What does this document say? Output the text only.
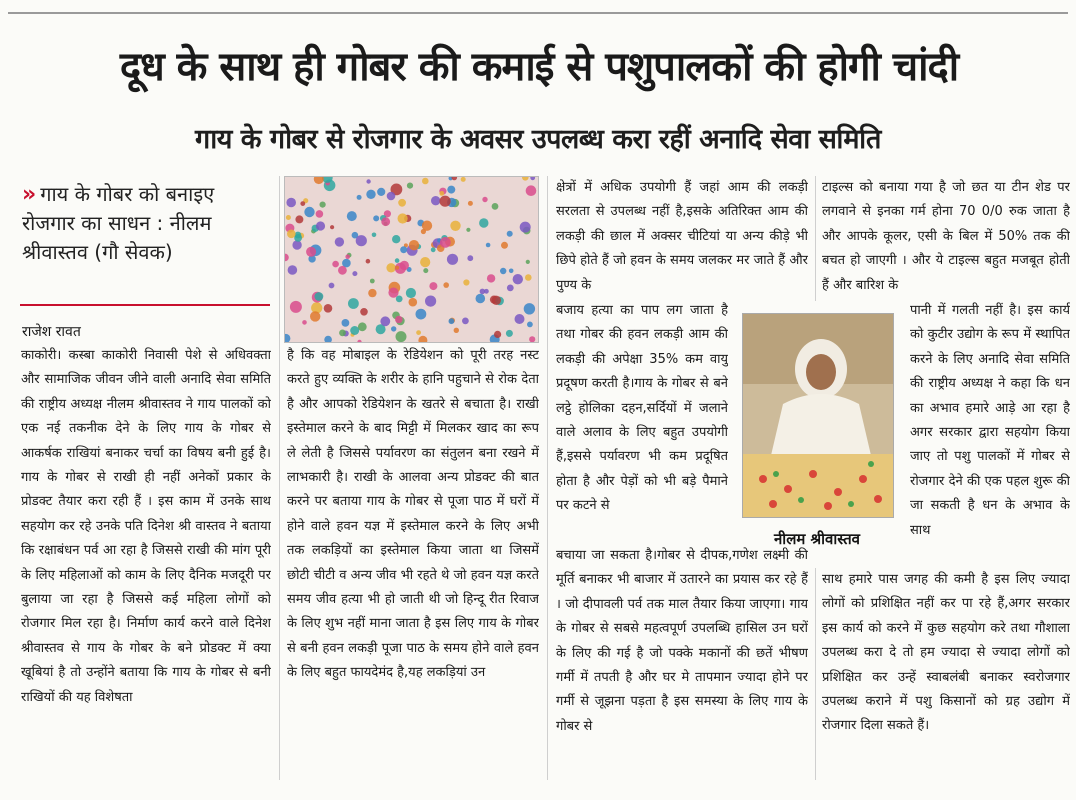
दूध के साथ ही गोबर की कमाई से पशुपालकों की होगी चांदी
गाय के गोबर से रोजगार के अवसर उपलब्ध करा रहीं अनादि सेवा समिति
» गाय के गोबर को बनाइए रोजगार का साधन : नीलम श्रीवास्तव (गौ सेवक)
राजेश रावत
काकोरी। कस्बा काकोरी निवासी पेशे से अधिवक्ता और सामाजिक जीवन जीने वाली अनादि सेवा समिति की राष्ट्रीय अध्यक्ष नीलम श्रीवास्तव ने गाय पालकों को एक नई तकनीक देने के लिए गाय के गोबर से आकर्षक राखियां बनाकर चर्चा का विषय बनी हुई है। गाय के गोबर से राखी ही नहीं अनेकों प्रकार के प्रोडक्ट तैयार करा रही हैं । इस काम में उनके साथ सहयोग कर रहे उनके पति दिनेश श्री वास्तव ने बताया कि रक्षाबंधन पर्व आ रहा है जिससे राखी की मांग पूरी के लिए महिलाओं को काम के लिए दैनिक मजदूरी पर बुलाया जा रहा है जिससे कई महिला लोगों को रोजगार मिल रहा है। निर्माण कार्य करने वाले दिनेश श्रीवास्तव से गाय के गोबर के बने प्रोडक्ट में क्या खूबियां है तो उन्होंने बताया कि गाय के गोबर से बनी राखियों की यह विशेषता
है कि वह मोबाइल के रेडियेशन को पूरी तरह नस्ट करते हुए व्यक्ति के शरीर के हानि पहुचाने से रोक देता है और आपको रेडियेशन के खतरे से बचाता है। राखी इस्तेमाल करने के बाद मिट्टी में मिलकर खाद का रूप ले लेती है जिससे पर्यावरण का संतुलन बना रखने में लाभकारी है। राखी के आलवा अन्य प्रोडक्ट की बात करने पर बताया गाय के गोबर से पूजा पाठ में घरों में होने वाले हवन यज्ञ में इस्तेमाल करने के लिए अभी तक लकड़ियों का इस्तेमाल किया जाता था जिसमें छोटी चीटी व अन्य जीव भी रहते थे जो हवन यज्ञ करते समय जीव हत्या भी हो जाती थी जो हिन्दू रीत रिवाज के लिए शुभ नहीं माना जाता है इस लिए गाय के गोबर से बनी हवन लकड़ी पूजा पाठ के समय होने वाले हवन के लिए बहुत फायदेमंद है,यह लकड़ियां उन
क्षेत्रों में अधिक उपयोगी हैं जहां आम की लकड़ी सरलता से उपलब्ध नहीं है,इसके अतिरिक्त आम की लकड़ी की छाल में अक्सर चीटियां या अन्य कीड़े भी छिपे होते हैं जो हवन के समय जलकर मर जाते हैं और पुण्य के
बजाय हत्या का पाप लग जाता है तथा गोबर की हवन लकड़ी आम की लकड़ी की अपेक्षा 35% कम वायु प्रदूषण करती है।गाय के गोबर से बने लट्ठे होलिका दहन,सर्दियों में जलाने वाले अलाव के लिए बहुत उपयोगी हैं,इससे पर्यावरण भी कम प्रदूषित होता है और पेड़ों को भी बड़े पैमाने पर कटने से
बचाया जा सकता है।गोबर से दीपक,गणेश लक्ष्मी की मूर्ति बनाकर भी बाजार में उतारने का प्रयास कर रहे हैं । जो दीपावली पर्व तक माल तैयार किया जाएगा। गाय के गोबर से सबसे महत्वपूर्ण उपलब्धि हासिल उन घरों के लिए की गई है जो पक्के मकानों की छतें भीषण गर्मी में तपती है और घर मे तापमान ज्यादा होने पर गर्मी से जूझना पड़ता है इस समस्या के लिए गाय के गोबर से
नीलम श्रीवास्तव
टाइल्स को बनाया गया है जो छत या टीन शेड पर लगवाने से इनका गर्म होना 70 0/0 रुक जाता है और आपके कूलर, एसी के बिल में 50% तक की बचत हो जाएगी । और ये टाइल्स बहुत मजबूत होती हैं और बारिश के
पानी में गलती नहीं है। इस कार्य को कुटीर उद्योग के रूप में स्थापित करने के लिए अनादि सेवा समिति की राष्ट्रीय अध्यक्ष ने कहा कि धन का अभाव हमारे आड़े आ रहा है अगर सरकार द्वारा सहयोग किया जाए तो पशु पालकों में गोबर से रोजगार देने की एक पहल शुरू की जा सकती है धन के अभाव के साथ
साथ हमारे पास जगह की कमी है इस लिए ज्यादा लोगों को प्रशिक्षित नहीं कर पा रहे हैं,अगर सरकार इस कार्य को करने में कुछ सहयोग करे तथा गौशाला उपलब्ध करा दे तो हम ज्यादा से ज्यादा लोगों को प्रशिक्षित कर उन्हें स्वाबलंबी बनाकर स्वरोजगार उपलब्ध कराने में पशु किसानों को ग्रह उद्योग में रोजगार दिला सकते हैं।
